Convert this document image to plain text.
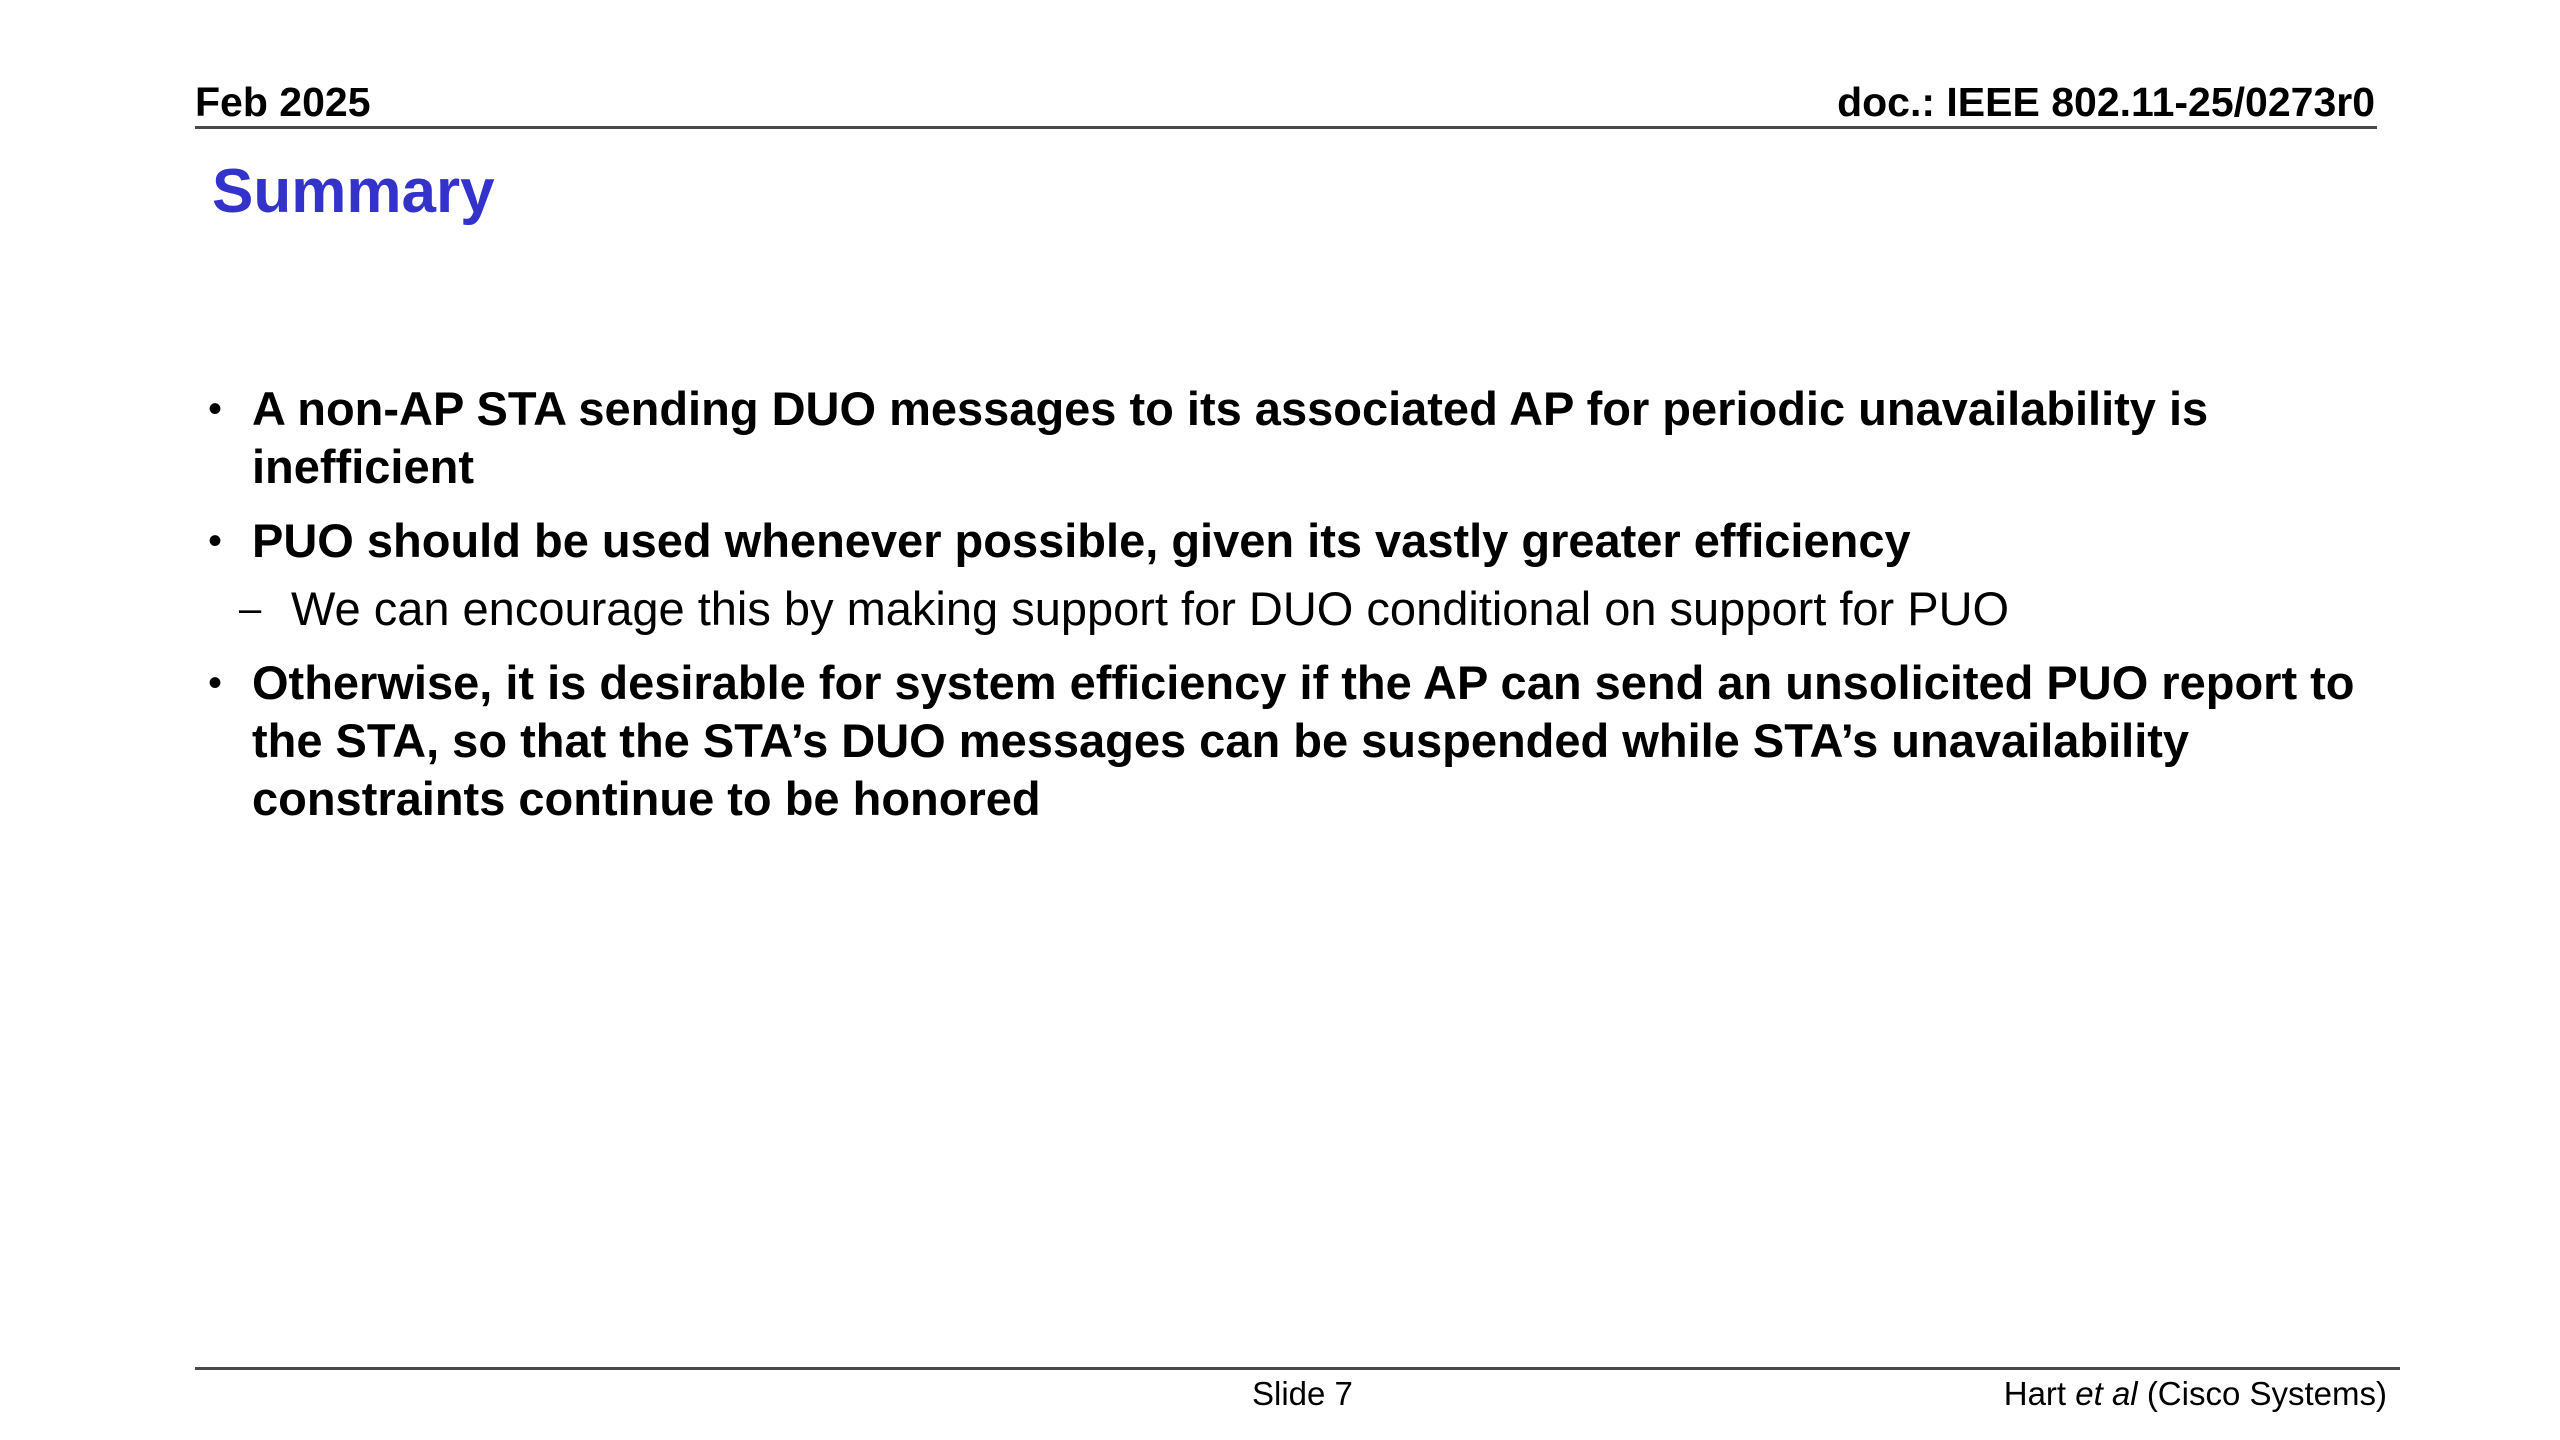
Feb 2025	doc.: IEEE 802.11-25/0273r0
Summary
• A non-AP STA sending DUO messages to its associated AP for periodic unavailability is inefficient
• PUO should be used whenever possible, given its vastly greater efficiency
– We can encourage this by making support for DUO conditional on support for PUO
• Otherwise, it is desirable for system efficiency if the AP can send an unsolicited PUO report to the STA, so that the STA’s DUO messages can be suspended while STA’s unavailability constraints continue to be honored
Slide 7	Hart et al (Cisco Systems)
